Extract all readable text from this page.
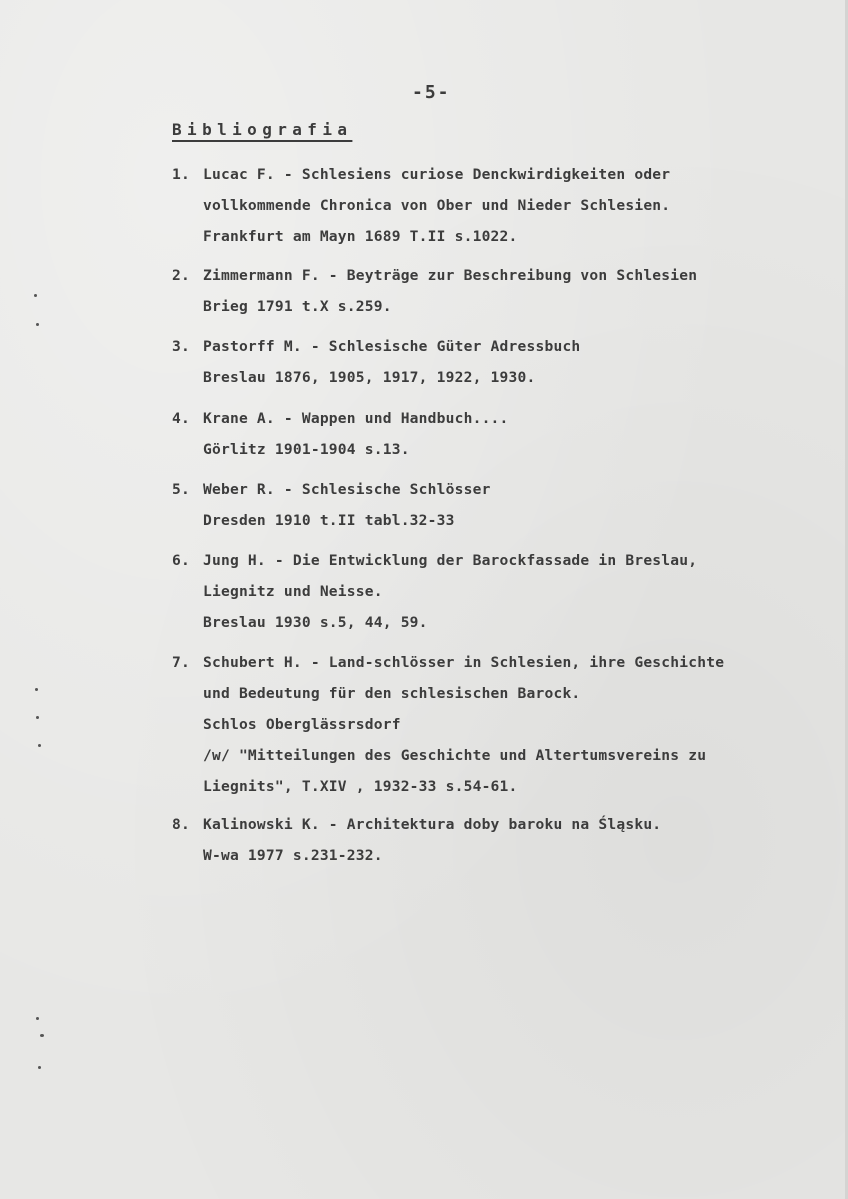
-5-
Bibliografia
1. Lucac F. - Schlesiens curiose Denckwirdigkeiten oder
vollkommende Chronica von Ober und Nieder Schlesien.
Frankfurt am Mayn 1689 T.II s.1022.
2. Zimmermann F. - Beyträge zur Beschreibung von Schlesien
Brieg 1791 t.X s.259.
3. Pastorff M. - Schlesische Güter Adressbuch
Breslau 1876, 1905, 1917, 1922, 1930.
4. Krane A. - Wappen und Handbuch....
Görlitz 1901-1904 s.13.
5. Weber R. - Schlesische Schlösser
Dresden 1910 t.II tabl.32-33
6. Jung H. - Die Entwicklung der Barockfassade in Breslau,
Liegnitz und Neisse.
Breslau 1930 s.5, 44, 59.
7. Schubert H. - Land-schlösser in Schlesien, ihre Geschichte
und Bedeutung für den schlesischen Barock.
Schlos Oberglässrsdorf
/w/ "Mitteilungen des Geschichte und Altertumsvereins zu
Liegnits", T.XIV , 1932-33 s.54-61.
8. Kalinowski K. - Architektura doby baroku na Śląsku.
W-wa 1977 s.231-232.
